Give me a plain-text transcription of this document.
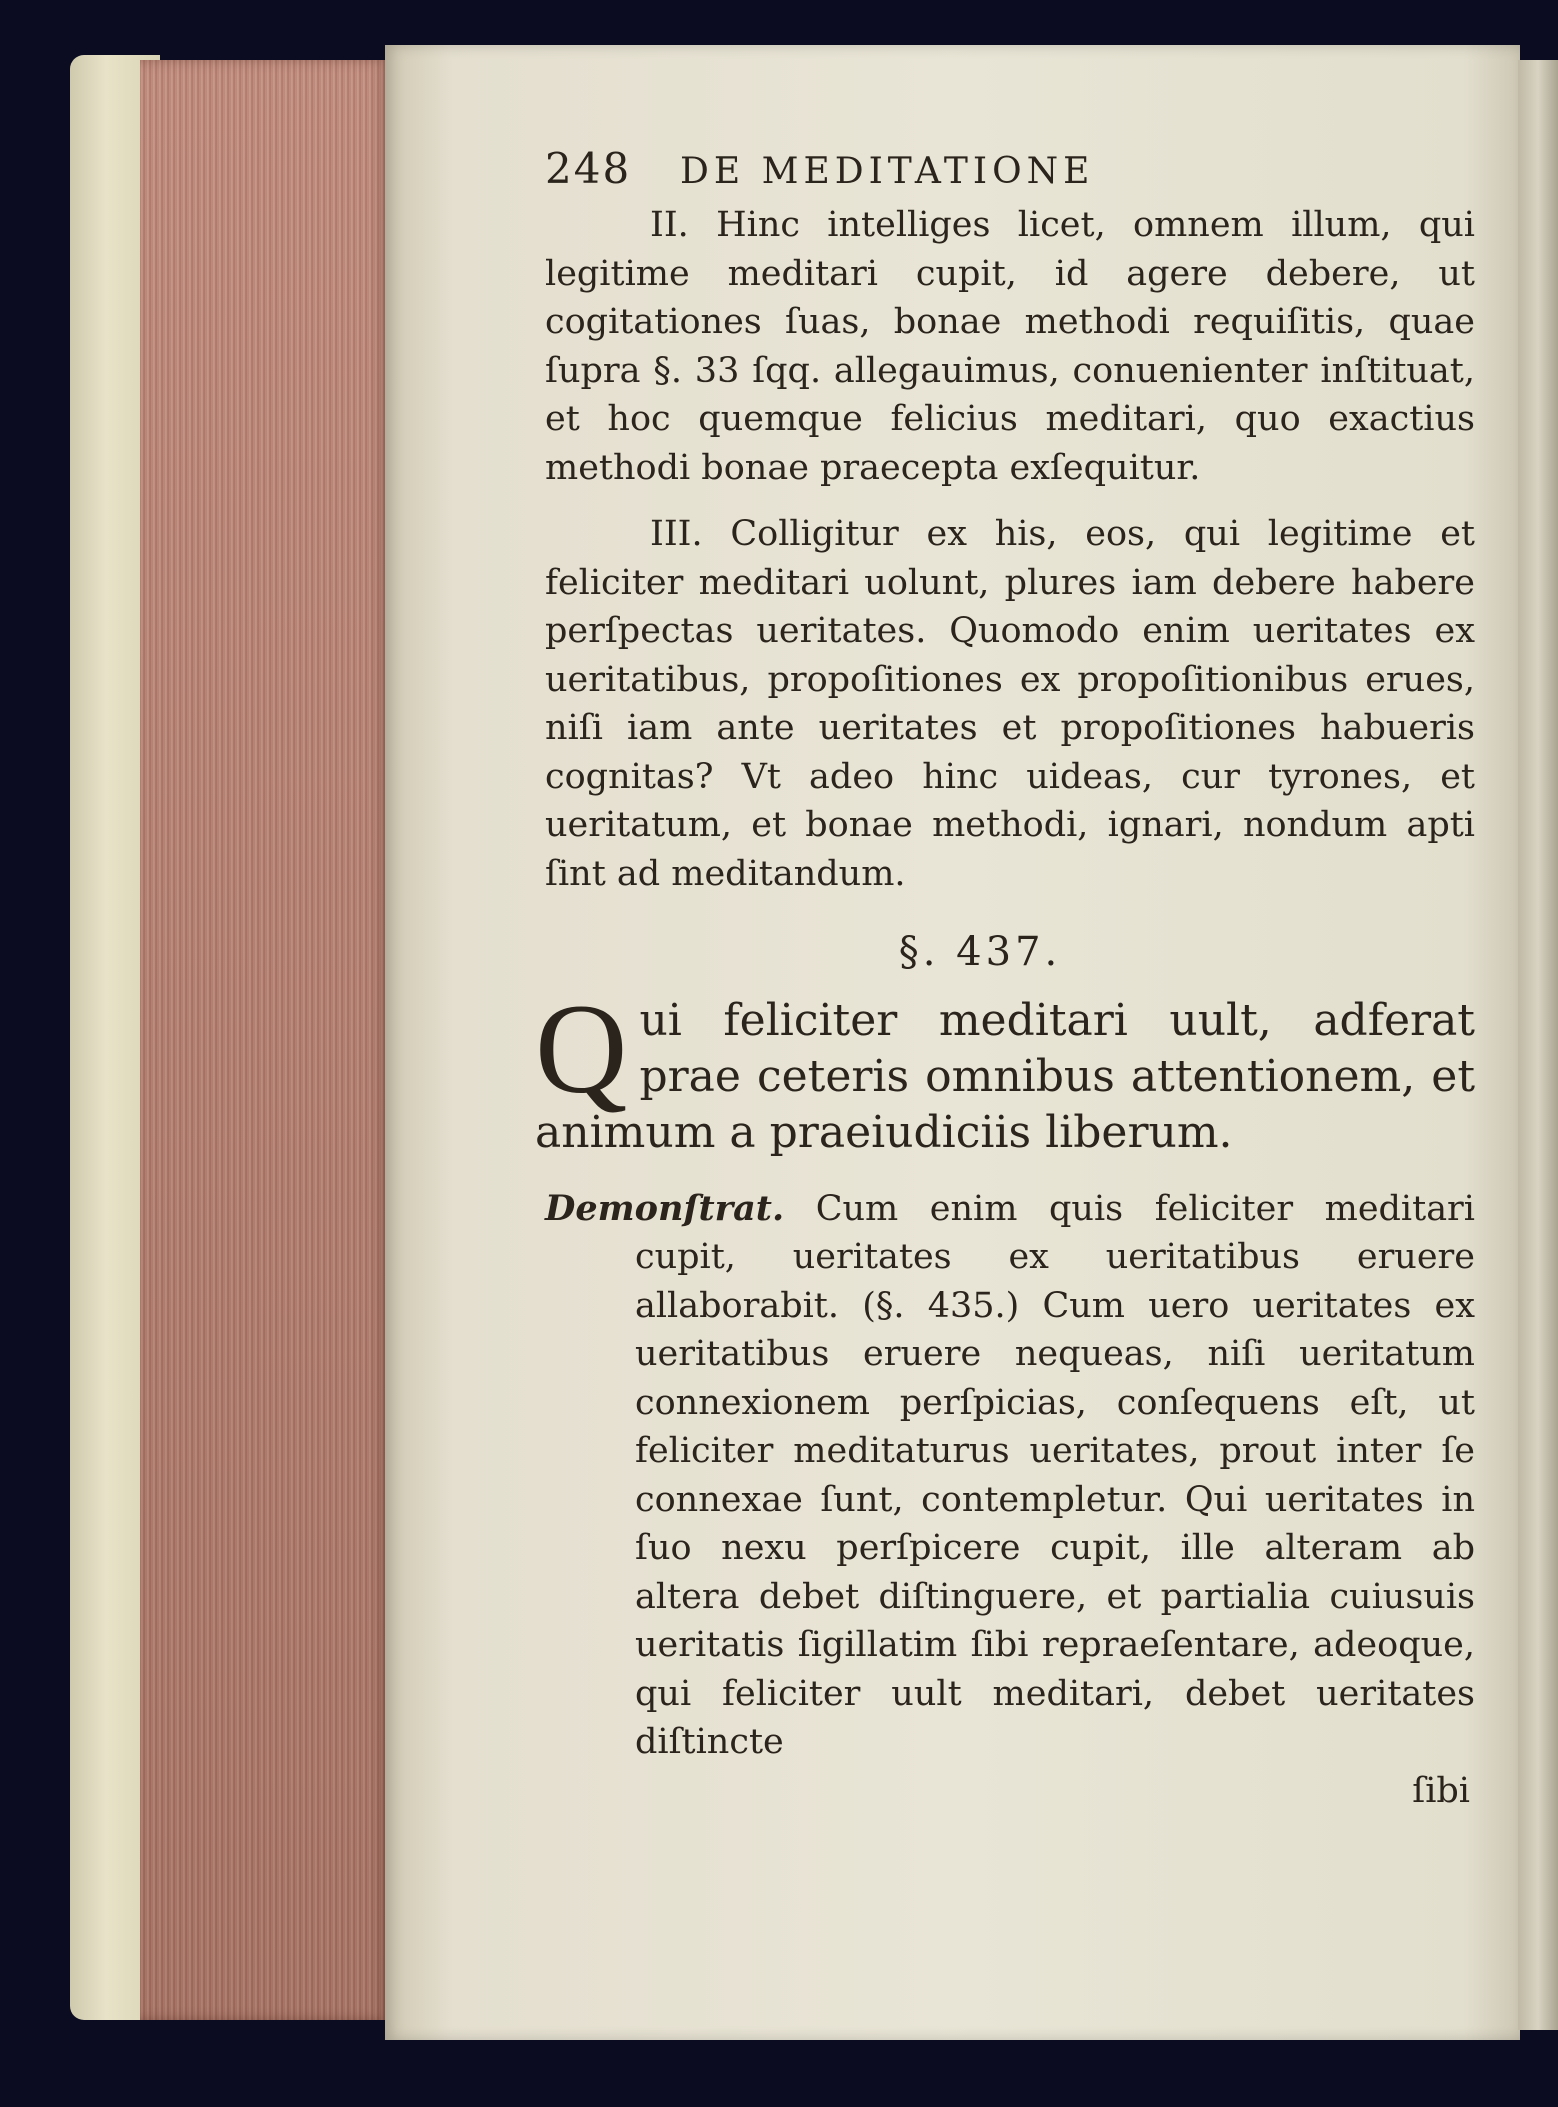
248	DE MEDITATIONE

II. Hinc intelliges licet, omnem illum, qui legitime meditari cupit, id agere debere, ut cogitationes ſuas, bonae methodi requiſitis, quae ſupra §. 33 ſqq. allegauimus, conuenienter inſtituat, et hoc quemque felicius meditari, quo exactius methodi bonae praecepta exſequitur.

III. Colligitur ex his, eos, qui legitime et feliciter meditari uolunt, plures iam debere habere perſpectas ueritates. Quomodo enim ueritates ex ueritatibus, propoſitiones ex propoſitionibus erues, niſi iam ante ueritates et propoſitiones habueris cognitas? Vt adeo hinc uideas, cur tyrones, et ueritatum, et bonae methodi, ignari, nondum apti ſint ad meditandum.

§. 437.

Q ui feliciter meditari uult, adferat prae ceteris omnibus attentionem, et animum a praeiudiciis liberum.

Demonſtrat. Cum enim quis feliciter meditari cupit, ueritates ex ueritatibus eruere allaborabit. (§. 435.) Cum uero ueritates ex ueritatibus eruere nequeas, niſi ueritatum connexionem perſpicias, conſequens eſt, ut feliciter meditaturus ueritates, prout inter ſe connexae ſunt, contempletur. Qui ueritates in ſuo nexu perſpicere cupit, ille alteram ab altera debet diſtinguere, et partialia cuiusuis ueritatis ſigillatim ſibi repraeſentare, adeoque, qui feliciter uult meditari, debet ueritates diſtincte

ſibi
